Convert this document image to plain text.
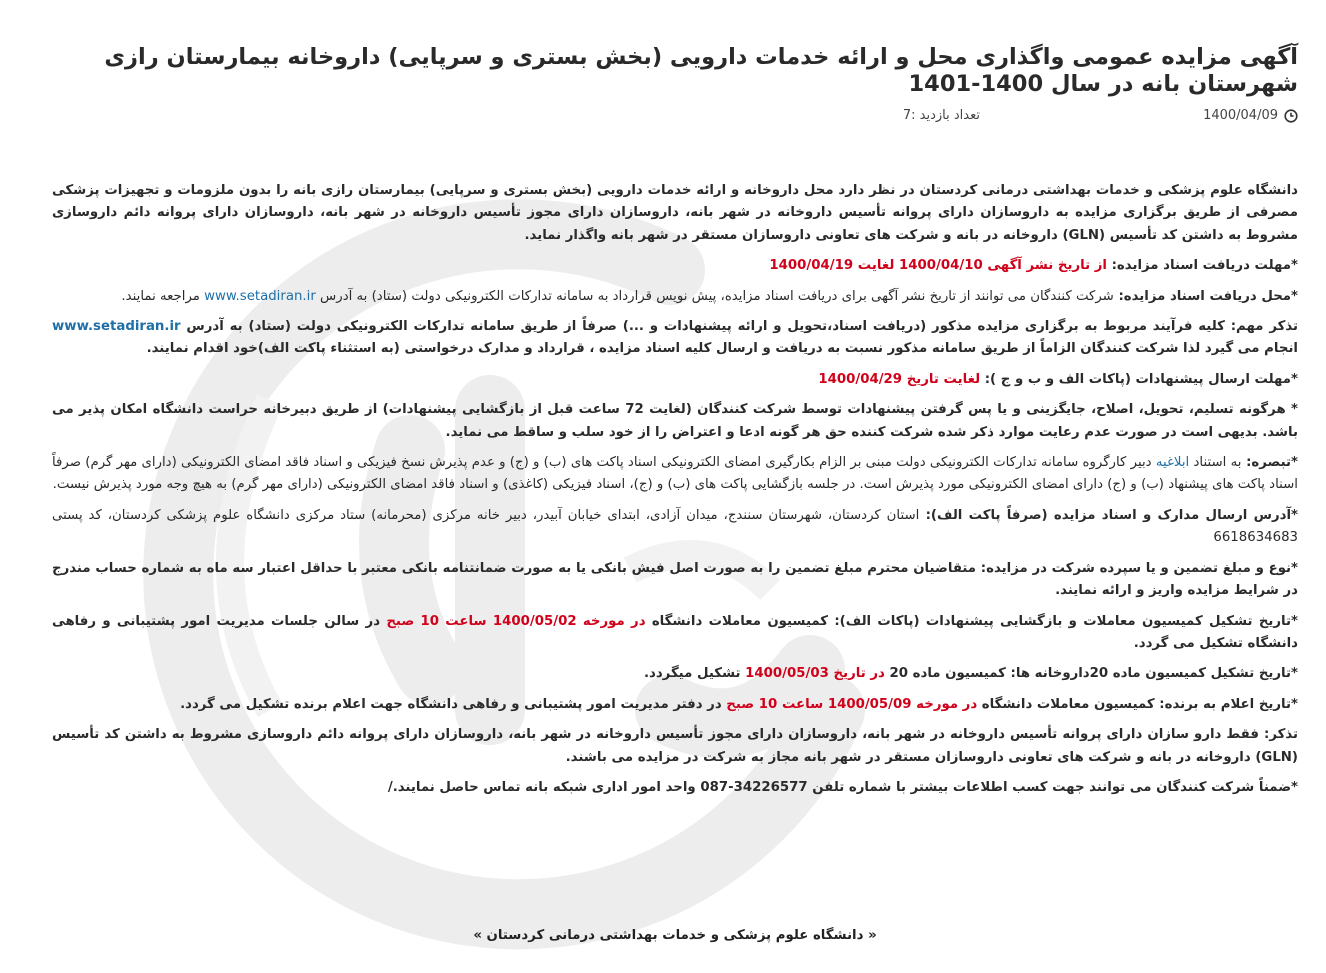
آگهی مزایده عمومی واگذاری محل و ارائه خدمات دارویی (بخش بستری و سرپایی) داروخانه بیمارستان رازی شهرستان بانه در سال 1400-1401
1400/04/09
تعداد بازدید :7

دانشگاه علوم پزشکی و خدمات بهداشتی درمانی کردستان در نظر دارد محل داروخانه و ارائه خدمات دارویی (بخش بستری و سرپایی) بیمارستان رازی بانه را بدون ملزومات و تجهیزات پزشکی مصرفی از طریق برگزاری مزایده به داروسازان دارای پروانه تأسیس داروخانه در شهر بانه، داروسازان دارای مجوز تأسیس داروخانه در شهر بانه، داروسازان دارای پروانه دائم داروسازی مشروط به داشتن کد تأسیس (GLN) داروخانه در بانه و شرکت های تعاونی داروسازان مستقر در شهر بانه واگذار نماید.

*مهلت دریافت اسناد مزایده: از تاریخ نشر آگهی 1400/04/10 لغایت 1400/04/19

*محل دریافت اسناد مزایده: شرکت کنندگان می توانند از تاریخ نشر آگهی برای دریافت اسناد مزایده، پیش نویس قرارداد به سامانه تدارکات الکترونیکی دولت (ستاد) به آدرس www.setadiran.ir مراجعه نمایند.

تذکر مهم: کلیه فرآیند مربوط به برگزاری مزایده مذکور (دریافت اسناد،تحویل و ارائه پیشنهادات و ...) صرفاً از طریق سامانه تدارکات الکترونیکی دولت (ستاد) به آدرس www.setadiran.ir انجام می گیرد لذا شرکت کنندگان الزاماً از طریق سامانه مذکور نسبت به دریافت و ارسال کلیه اسناد مزایده ، قرارداد و مدارک درخواستی (به استثناء پاکت الف)خود اقدام نمایند.

*مهلت ارسال پیشنهادات (پاکات الف و ب و ج ): لغایت تاریخ 1400/04/29

* هرگونه تسلیم، تحویل، اصلاح، جایگزینی و یا پس گرفتن پیشنهادات توسط شرکت کنندگان (لغایت 72 ساعت قبل از بازگشایی پیشنهادات) از طریق دبیرخانه حراست دانشگاه امکان پذیر می باشد. بدیهی است در صورت عدم رعایت موارد ذکر شده شرکت کننده حق هر گونه ادعا و اعتراض را از خود سلب و ساقط می نماید.

*تبصره: به استناد ابلاغیه دبیر کارگروه سامانه تدارکات الکترونیکی دولت مبنی بر الزام بکارگیری امضای الکترونیکی اسناد پاکت های (ب) و (ج) و عدم پذیرش نسخ فیزیکی و اسناد فاقد امضای الکترونیکی (دارای مهر گرم) صرفاً اسناد پاکت های پیشنهاد (ب) و (ج) دارای امضای الکترونیکی مورد پذیرش است. در جلسه بازگشایی پاکت های (ب) و (ج)، اسناد فیزیکی (کاغذی) و اسناد فاقد امضای الکترونیکی (دارای مهر گرم) به هیچ وجه مورد پذیرش نیست.

*آدرس ارسال مدارک و اسناد مزایده (صرفاً پاکت الف): استان کردستان، شهرستان سنندج، میدان آزادی، ابتدای خیابان آبیدر، دبیر خانه مرکزی (محرمانه) ستاد مرکزی دانشگاه علوم پزشکی کردستان، کد پستی 6618634683

*نوع و مبلغ تضمین و یا سپرده شرکت در مزایده: متقاضیان محترم مبلغ تضمین را به صورت اصل فیش بانکی یا به صورت ضمانتنامه بانکی معتبر با حداقل اعتبار سه ماه به شماره حساب مندرج در شرایط مزایده واریز و ارائه نمایند.

*تاریخ تشکیل کمیسیون معاملات و بازگشایی پیشنهادات (پاکات الف): کمیسیون معاملات دانشگاه در مورخه 1400/05/02 ساعت 10 صبح در سالن جلسات مدیریت امور پشتیبانی و رفاهی دانشگاه تشکیل می گردد.

*تاریخ تشکیل کمیسیون ماده 20داروخانه ها: کمیسیون ماده 20 در تاریخ 1400/05/03 تشکیل میگردد.

*تاریخ اعلام به برنده: کمیسیون معاملات دانشگاه در مورخه 1400/05/09 ساعت 10 صبح در دفتر مدیریت امور پشتیبانی و رفاهی دانشگاه جهت اعلام برنده تشکیل می گردد.

تذکر: فقط دارو سازان دارای پروانه تأسیس داروخانه در شهر بانه، داروسازان دارای مجوز تأسیس داروخانه در شهر بانه، داروسازان دارای پروانه دائم داروسازی مشروط به داشتن کد تأسیس (GLN) داروخانه در بانه و شرکت های تعاونی داروسازان مستقر در شهر بانه مجاز به شرکت در مزایده می باشند.

*ضمناً شرکت کنندگان می توانند جهت کسب اطلاعات بیشتر با شماره تلفن 34226577-087 واحد امور اداری شبکه بانه تماس حاصل نمایند./

« دانشگاه علوم پزشکی و خدمات بهداشتی درمانی کردستان »
